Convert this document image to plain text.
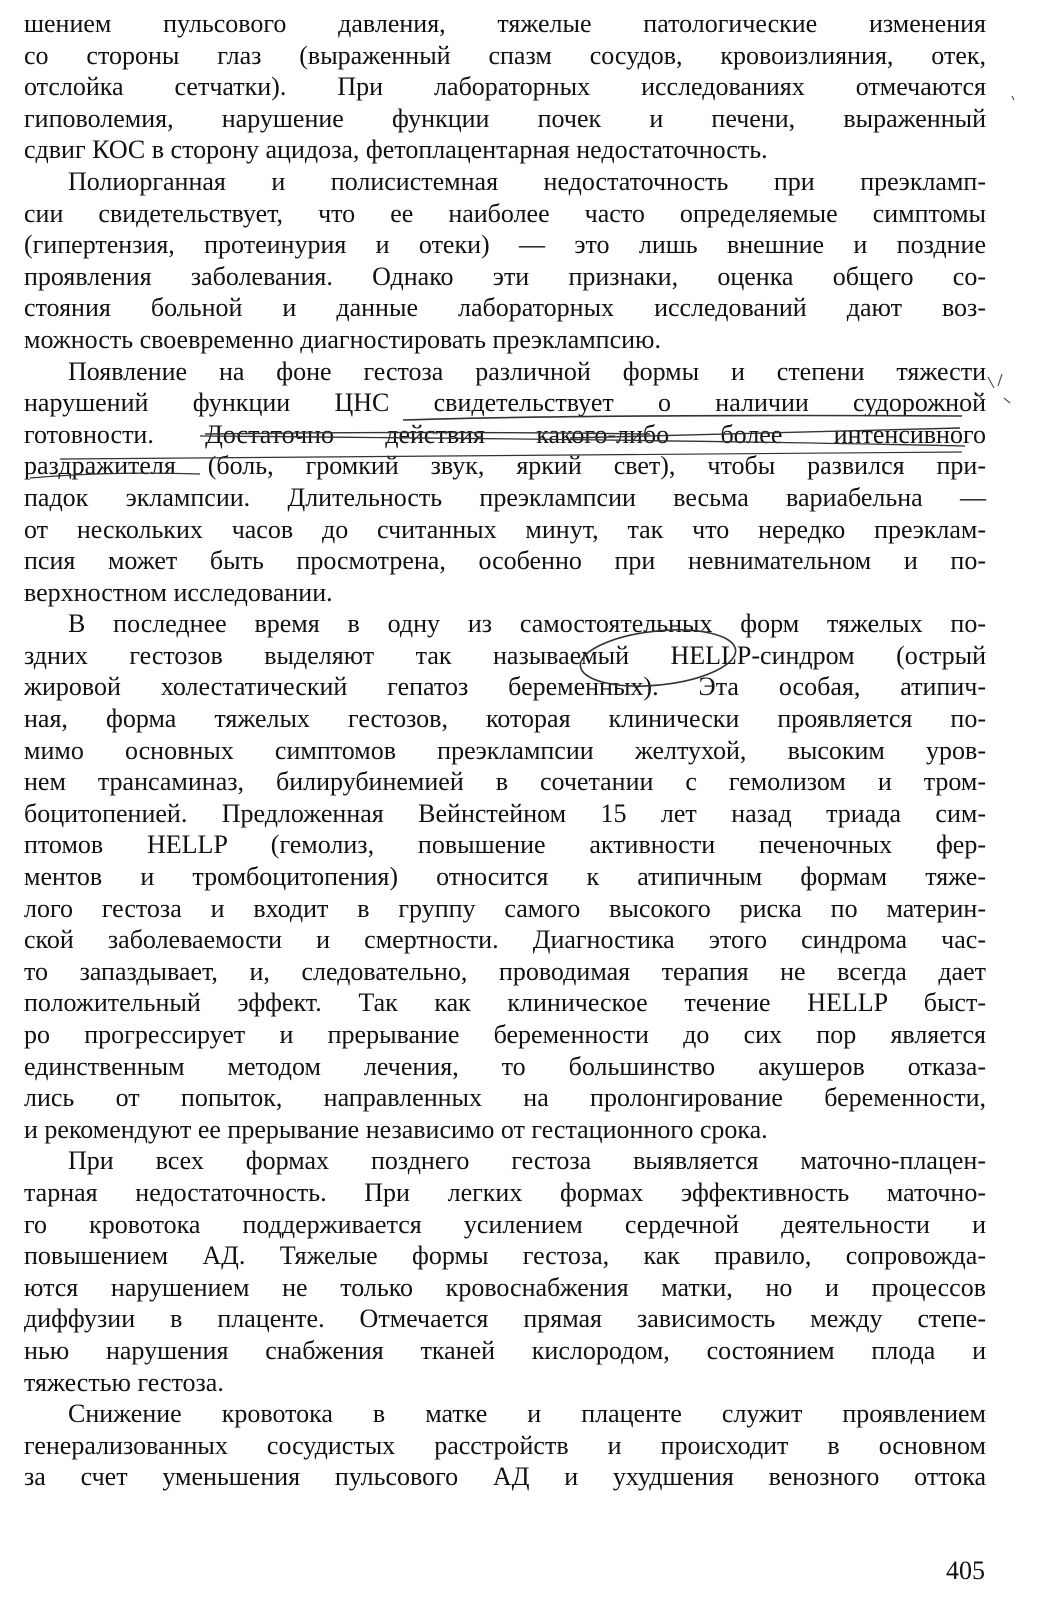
шением пульсового давления, тяжелые патологические изменения
со стороны глаз (выраженный спазм сосудов, кровоизлияния, отек,
отслойка сетчатки). При лабораторных исследованиях отмечаются
гиповолемия, нарушение функции почек и печени, выраженный
сдвиг КОС в сторону ацидоза, фетоплацентарная недостаточность.

Полиорганная и полисистемная недостаточность при преэкламп-
сии свидетельствует, что ее наиболее часто определяемые симптомы
(гипертензия, протеинурия и отеки) — это лишь внешние и поздние
проявления заболевания. Однако эти признаки, оценка общего со-
стояния больной и данные лабораторных исследований дают воз-
можность своевременно диагностировать преэклампсию.

Появление на фоне гестоза различной формы и степени тяжести
нарушений функции ЦНС свидетельствует о наличии судорожной
готовности. Достаточно действия какого-либо более интенсивного
раздражителя (боль, громкий звук, яркий свет), чтобы развился при-
падок эклампсии. Длительность преэклампсии весьма вариабельна —
от нескольких часов до считанных минут, так что нередко преэклам-
псия может быть просмотрена, особенно при невнимательном и по-
верхностном исследовании.

В последнее время в одну из самостоятельных форм тяжелых по-
здних гестозов выделяют так называемый HELLP-синдром (острый
жировой холестатический гепатоз беременных). Эта особая, атипич-
ная, форма тяжелых гестозов, которая клинически проявляется по-
мимо основных симптомов преэклампсии желтухой, высоким уров-
нем трансаминаз, билирубинемией в сочетании с гемолизом и тром-
боцитопенией. Предложенная Вейнстейном 15 лет назад триада сим-
птомов HELLP (гемолиз, повышение активности печеночных фер-
ментов и тромбоцитопения) относится к атипичным формам тяже-
лого гестоза и входит в группу самого высокого риска по материн-
ской заболеваемости и смертности. Диагностика этого синдрома час-
то запаздывает, и, следовательно, проводимая терапия не всегда дает
положительный эффект. Так как клиническое течение HELLP быст-
ро прогрессирует и прерывание беременности до сих пор является
единственным методом лечения, то большинство акушеров отказа-
лись от попыток, направленных на пролонгирование беременности,
и рекомендуют ее прерывание независимо от гестационного срока.

При всех формах позднего гестоза выявляется маточно-плацен-
тарная недостаточность. При легких формах эффективность маточно-
го кровотока поддерживается усилением сердечной деятельности и
повышением АД. Тяжелые формы гестоза, как правило, сопровожда-
ются нарушением не только кровоснабжения матки, но и процессов
диффузии в плаценте. Отмечается прямая зависимость между степе-
нью нарушения снабжения тканей кислородом, состоянием плода и
тяжестью гестоза.

Снижение кровотока в матке и плаценте служит проявлением
генерализованных сосудистых расстройств и происходит в основном
за счет уменьшения пульсового АД и ухудшения венозного оттока

405
